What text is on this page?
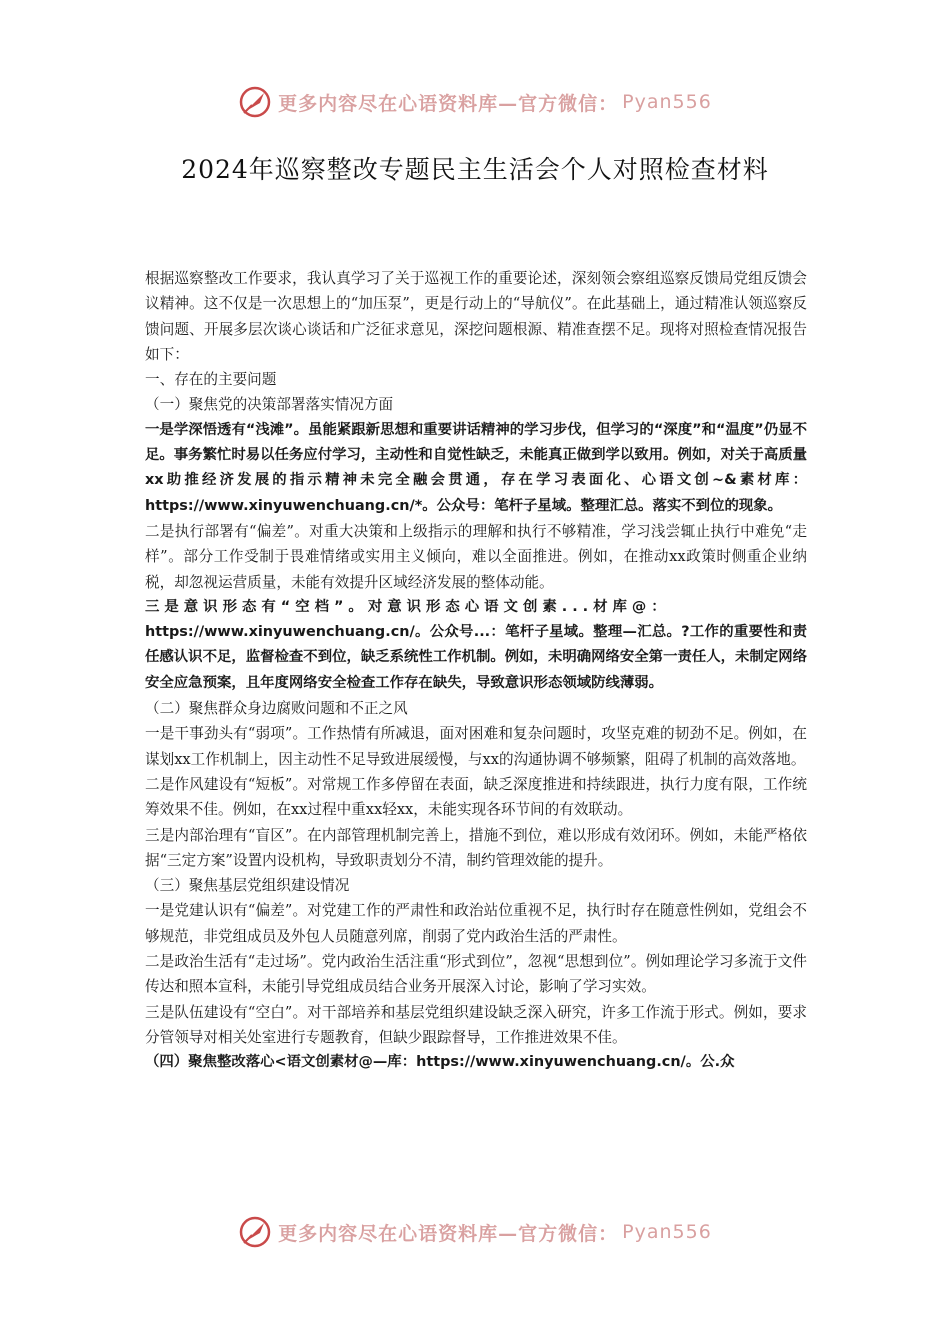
更多内容尽在心语资料库—官方微信： Pyan556
2024年巡察整改专题民主生活会个人对照检查材料

根据巡察整改工作要求，我认真学习了关于巡视工作的重要论述，深刻领会察组巡察反馈局党组反馈会议精神。这不仅是一次思想上的“加压泵”，更是行动上的“导航仪”。在此基础上，通过精准认领巡察反馈问题、开展多层次谈心谈话和广泛征求意见，深挖问题根源、精准查摆不足。现将对照检查情况报告如下：

一、存在的主要问题

（一）聚焦党的决策部署落实情况方面

一是学深悟透有“浅滩”。虽能紧跟新思想和重要讲话精神的学习步伐，但学习的“深度”和“温度”仍显不足。事务繁忙时易以任务应付学习，主动性和自觉性缺乏，未能真正做到学以致用。例如，对关于高质量xx助推经济发展的指示精神未完全融会贯通，存在学习表面化、心语文创~&素材库：https://www.xinyuwenchuang.cn/*。公众号：笔杆子星域。整理汇总。落实不到位的现象。

二是执行部署有“偏差”。对重大决策和上级指示的理解和执行不够精准，学习浅尝辄止执行中难免“走样”。部分工作受制于畏难情绪或实用主义倾向，难以全面推进。例如，在推动xx政策时侧重企业纳税，却忽视运营质量，未能有效提升区域经济发展的整体动能。

三是意识形态有“空档”。对意识形态心语文创素...材库@：

https://www.xinyuwenchuang.cn/。公众号...：笔杆子星域。整理—汇总。?工作的重要性和责任感认识不足，监督检查不到位，缺乏系统性工作机制。例如，未明确网络安全第一责任人，未制定网络安全应急预案，且年度网络安全检查工作存在缺失，导致意识形态领域防线薄弱。

（二）聚焦群众身边腐败问题和不正之风

一是干事劲头有“弱项”。工作热情有所减退，面对困难和复杂问题时，攻坚克难的韧劲不足。例如，在谋划xx工作机制上，因主动性不足导致进展缓慢，与xx的沟通协调不够频繁，阻碍了机制的高效落地。

二是作风建设有“短板”。对常规工作多停留在表面，缺乏深度推进和持续跟进，执行力度有限，工作统筹效果不佳。例如，在xx过程中重xx轻xx，未能实现各环节间的有效联动。

三是内部治理有“盲区”。在内部管理机制完善上，措施不到位，难以形成有效闭环。例如，未能严格依据“三定方案”设置内设机构，导致职责划分不清，制约管理效能的提升。

（三）聚焦基层党组织建设情况

一是党建认识有“偏差”。对党建工作的严肃性和政治站位重视不足，执行时存在随意性例如，党组会不够规范，非党组成员及外包人员随意列席，削弱了党内政治生活的严肃性。

二是政治生活有“走过场”。党内政治生活注重“形式到位”，忽视“思想到位”。例如理论学习多流于文件传达和照本宣科，未能引导党组成员结合业务开展深入讨论，影响了学习实效。

三是队伍建设有“空白”。对干部培养和基层党组织建设缺乏深入研究，许多工作流于形式。例如，要求分管领导对相关处室进行专题教育，但缺少跟踪督导，工作推进效果不佳。

（四）聚焦整改落心<语文创素材@—库：https://www.xinyuwenchuang.cn/。公.众

更多内容尽在心语资料库—官方微信： Pyan556
